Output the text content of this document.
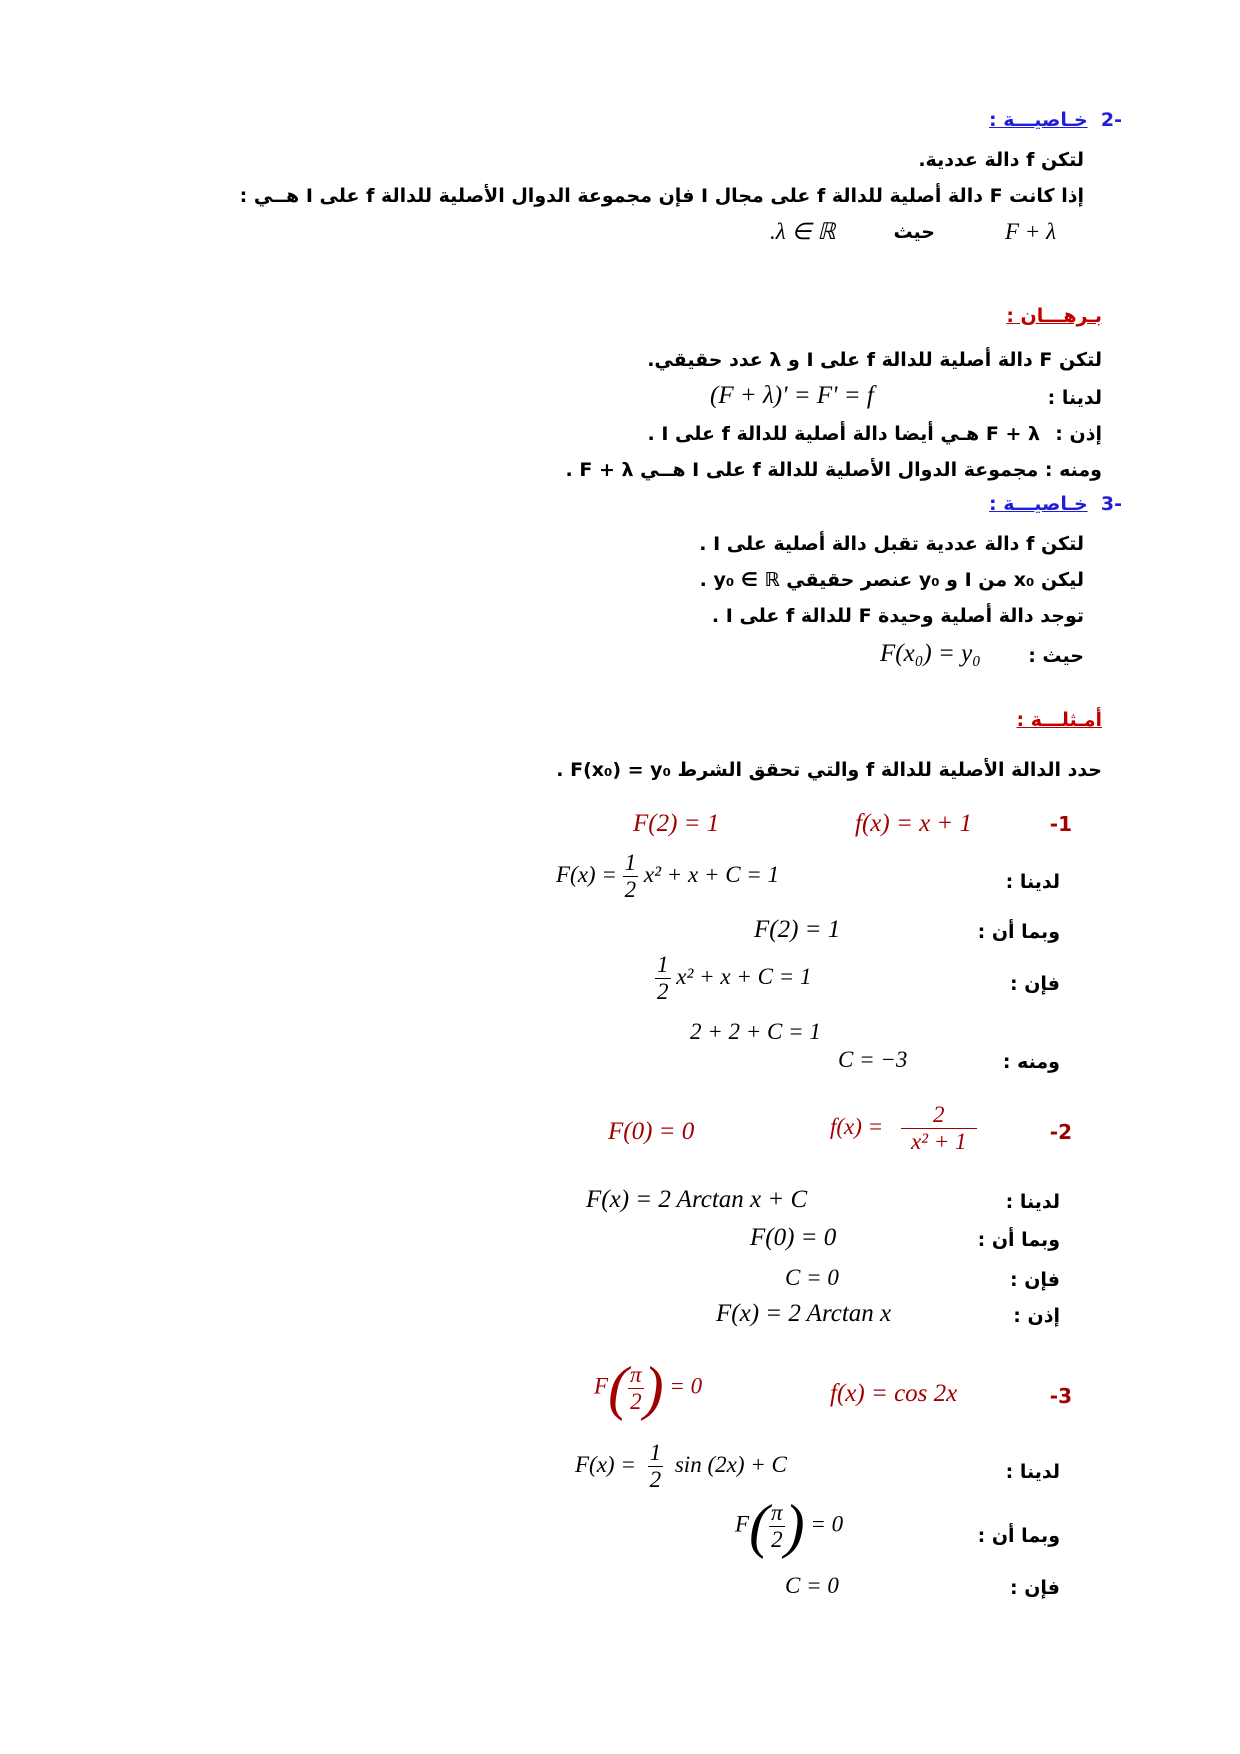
-2  خـاصيـــة :
لتكن f دالة عددية.
إذا كانت F دالة أصلية للدالة f على مجال I فإن مجموعة الدوال الأصلية للدالة f على I هــي :
F + λ
حيث
.λ ∈ ℝ
بـرهـــان :
لتكن F دالة أصلية للدالة f على I و λ عدد حقيقي.
لدينا :
(F + λ)' = F' = f
إذن :
F + λ هـي أيضا دالة أصلية للدالة f على I .
ومنه : مجموعة الدوال الأصلية للدالة f على I هــي F + λ .
-3  خـاصيـــة :
لتكن f دالة عددية تقبل دالة أصلية على I .
ليكن x₀ من I و y₀ عنصر حقيقي y₀ ∈ ℝ .
توجد دالة أصلية وحيدة F للدالة f على I .
حيث :
F(x₀) = y₀
أمـثلـــة :
حدد الدالة الأصلية للدالة f والتي تحقق الشرط F(x₀) = y₀ .
-1
f(x) = x + 1
F(2) = 1
لدينا :
$F(x) = \frac{1}{2} x^2 + x + C = 1$
وبما أن :
F(2) = 1
فإن :
$\frac{1}{2} x^2 + x + C = 1$
2 + 2 + C = 1
ومنه :
C = −3
-2
$f(x) = \frac{2}{\text{x² + 1}}$
F(0) = 0
لدينا :
F(x) = 2 Arctan x + C
وبما أن :
F(0) = 0
فإن :
C = 0
إذن :
F(x) = 2 Arctan x
-3
f(x) = cos 2x
$F( \frac{\pi}{2}$ ) = 0
لدينا :
$F(x) = \frac{1}{2}$ sin (2x) + C
وبما أن :
$F( \frac{\pi}{2}$ ) = 0
فإن :
C = 0
